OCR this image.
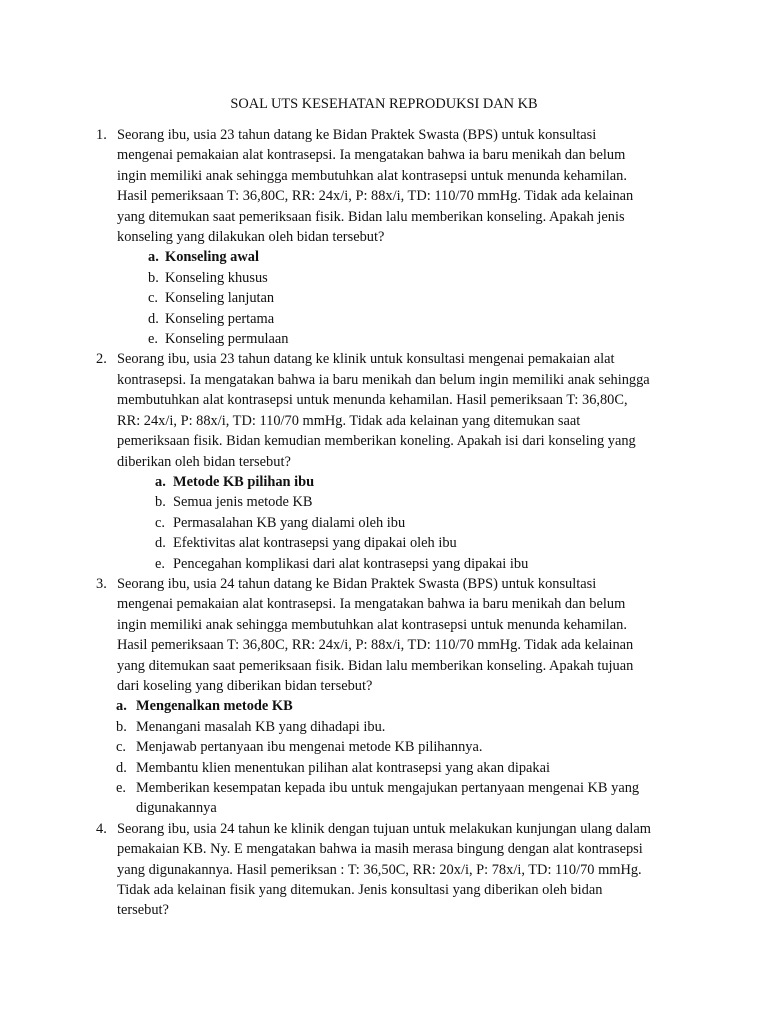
SOAL UTS KESEHATAN REPRODUKSI DAN KB
1. Seorang ibu, usia 23 tahun datang ke Bidan Praktek Swasta (BPS) untuk konsultasi
mengenai pemakaian alat kontrasepsi. Ia mengatakan bahwa ia baru menikah dan belum
ingin memiliki anak sehingga membutuhkan alat kontrasepsi untuk menunda kehamilan.
Hasil pemeriksaan T: 36,80C, RR: 24x/i, P: 88x/i, TD: 110/70 mmHg. Tidak ada kelainan
yang ditemukan saat pemeriksaan fisik. Bidan lalu memberikan konseling. Apakah jenis
konseling yang dilakukan oleh bidan tersebut?
a. Konseling awal
b. Konseling khusus
c. Konseling lanjutan
d. Konseling pertama
e. Konseling permulaan
2. Seorang ibu, usia 23 tahun datang ke klinik untuk konsultasi mengenai pemakaian alat
kontrasepsi. Ia mengatakan bahwa ia baru menikah dan belum ingin memiliki anak sehingga
membutuhkan alat kontrasepsi untuk menunda kehamilan. Hasil pemeriksaan T: 36,80C,
RR: 24x/i, P: 88x/i, TD: 110/70 mmHg. Tidak ada kelainan yang ditemukan saat
pemeriksaan fisik. Bidan kemudian memberikan koneling. Apakah isi dari konseling yang
diberikan oleh bidan tersebut?
a. Metode KB pilihan ibu
b. Semua jenis metode KB
c. Permasalahan KB yang dialami oleh ibu
d. Efektivitas alat kontrasepsi yang dipakai oleh ibu
e. Pencegahan komplikasi dari alat kontrasepsi yang dipakai ibu
3. Seorang ibu, usia 24 tahun datang ke Bidan Praktek Swasta (BPS) untuk konsultasi
mengenai pemakaian alat kontrasepsi. Ia mengatakan bahwa ia baru menikah dan belum
ingin memiliki anak sehingga membutuhkan alat kontrasepsi untuk menunda kehamilan.
Hasil pemeriksaan T: 36,80C, RR: 24x/i, P: 88x/i, TD: 110/70 mmHg. Tidak ada kelainan
yang ditemukan saat pemeriksaan fisik. Bidan lalu memberikan konseling. Apakah tujuan
dari koseling yang diberikan bidan tersebut?
a. Mengenalkan metode KB
b. Menangani masalah KB yang dihadapi ibu.
c. Menjawab pertanyaan ibu mengenai metode KB pilihannya.
d. Membantu klien menentukan pilihan alat kontrasepsi yang akan dipakai
e. Memberikan kesempatan kepada ibu untuk mengajukan pertanyaan mengenai KB yang
digunakannya
4. Seorang ibu, usia 24 tahun ke klinik dengan tujuan untuk melakukan kunjungan ulang dalam
pemakaian KB. Ny. E mengatakan bahwa ia masih merasa bingung dengan alat kontrasepsi
yang digunakannya. Hasil pemeriksan : T: 36,50C, RR: 20x/i, P: 78x/i, TD: 110/70 mmHg.
Tidak ada kelainan fisik yang ditemukan. Jenis konsultasi yang diberikan oleh bidan
tersebut?
